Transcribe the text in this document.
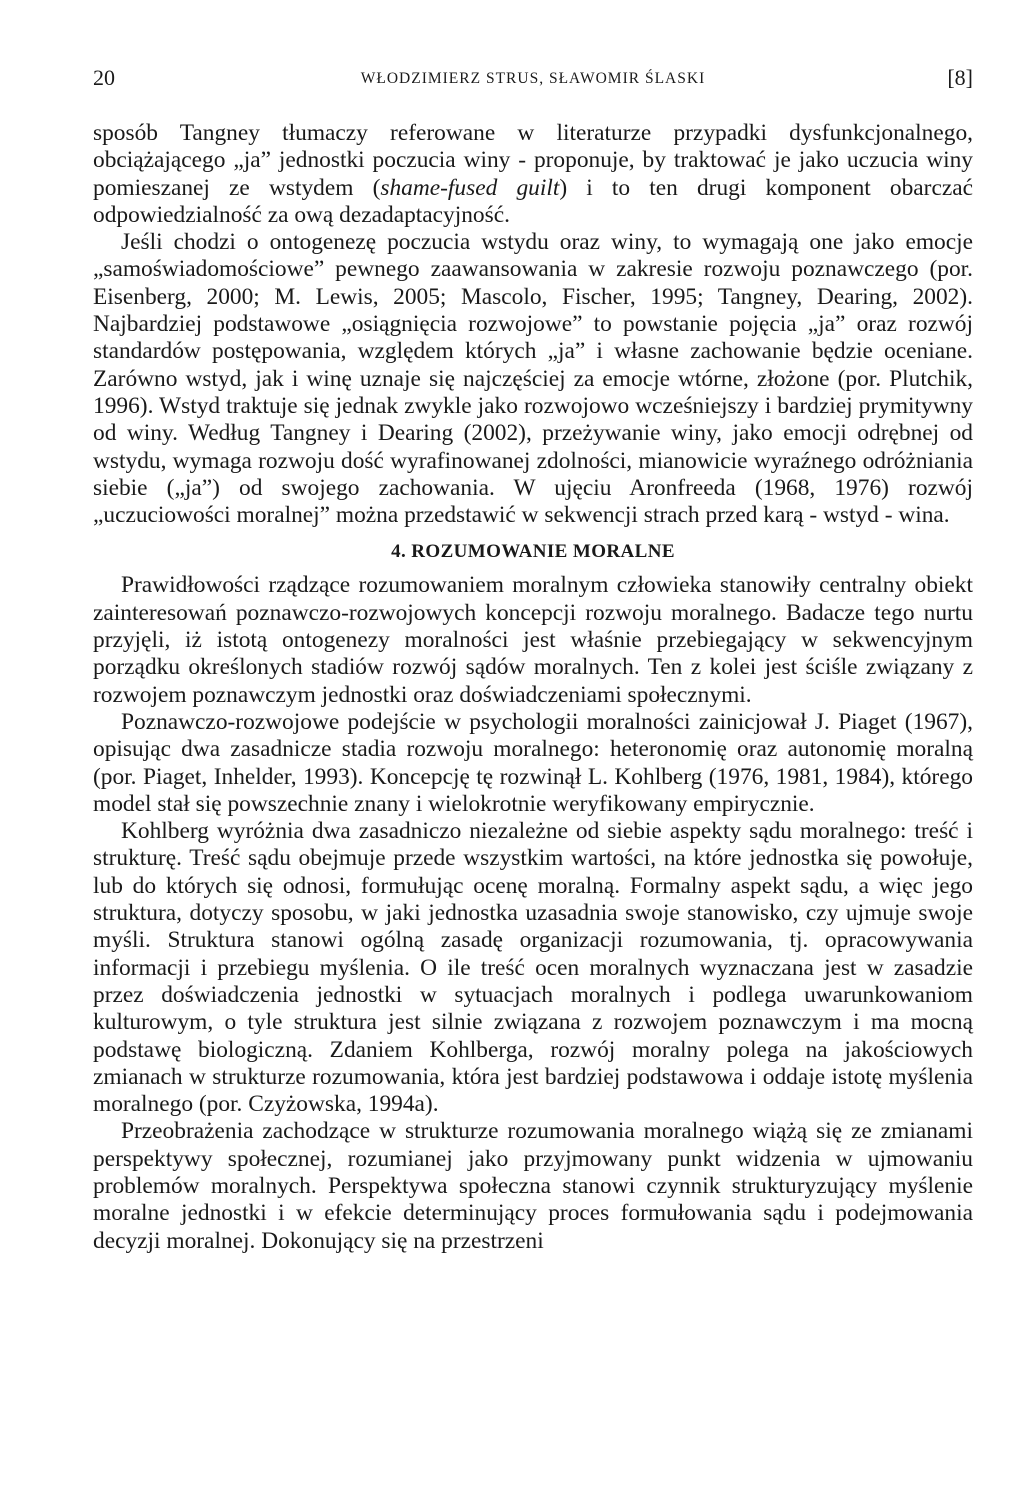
20	WŁODZIMIERZ STRUS, SŁAWOMIR ŚLASKI	[8]

sposób Tangney tłumaczy referowane w literaturze przypadki dysfunkcjonalnego, obciążającego „ja” jednostki poczucia winy - proponuje, by traktować je jako uczucia winy pomieszanej ze wstydem (shame-fused guilt) i to ten drugi komponent obarczać odpowiedzialność za ową dezadaptacyjność.

Jeśli chodzi o ontogenezę poczucia wstydu oraz winy, to wymagają one jako emocje „samoświadomościowe” pewnego zaawansowania w zakresie rozwoju poznawczego (por. Eisenberg, 2000; M. Lewis, 2005; Mascolo, Fischer, 1995; Tangney, Dearing, 2002). Najbardziej podstawowe „osiągnięcia rozwojowe” to powstanie pojęcia „ja” oraz rozwój standardów postępowania, względem których „ja” i własne zachowanie będzie oceniane. Zarówno wstyd, jak i winę uznaje się najczęściej za emocje wtórne, złożone (por. Plutchik, 1996). Wstyd traktuje się jednak zwykle jako rozwojowo wcześniejszy i bardziej prymitywny od winy. Według Tangney i Dearing (2002), przeżywanie winy, jako emocji odrębnej od wstydu, wymaga rozwoju dość wyrafinowanej zdolności, mianowicie wyraźnego odróżniania siebie („ja”) od swojego zachowania. W ujęciu Aronfreeda (1968, 1976) rozwój „uczuciowości moralnej” można przedstawić w sekwencji strach przed karą - wstyd - wina.

4. ROZUMOWANIE MORALNE

Prawidłowości rządzące rozumowaniem moralnym człowieka stanowiły centralny obiekt zainteresowań poznawczo-rozwojowych koncepcji rozwoju moralnego. Badacze tego nurtu przyjęli, iż istotą ontogenezy moralności jest właśnie przebiegający w sekwencyjnym porządku określonych stadiów rozwój sądów moralnych. Ten z kolei jest ściśle związany z rozwojem poznawczym jednostki oraz doświadczeniami społecznymi.

Poznawczo-rozwojowe podejście w psychologii moralności zainicjował J. Piaget (1967), opisując dwa zasadnicze stadia rozwoju moralnego: heteronomię oraz autonomię moralną (por. Piaget, Inhelder, 1993). Koncepcję tę rozwinął L. Kohlberg (1976, 1981, 1984), którego model stał się powszechnie znany i wielokrotnie weryfikowany empirycznie.

Kohlberg wyróżnia dwa zasadniczo niezależne od siebie aspekty sądu moralnego: treść i strukturę. Treść sądu obejmuje przede wszystkim wartości, na które jednostka się powołuje, lub do których się odnosi, formułując ocenę moralną. Formalny aspekt sądu, a więc jego struktura, dotyczy sposobu, w jaki jednostka uzasadnia swoje stanowisko, czy ujmuje swoje myśli. Struktura stanowi ogólną zasadę organizacji rozumowania, tj. opracowywania informacji i przebiegu myślenia. O ile treść ocen moralnych wyznaczana jest w zasadzie przez doświadczenia jednostki w sytuacjach moralnych i podlega uwarunkowaniom kulturowym, o tyle struktura jest silnie związana z rozwojem poznawczym i ma mocną podstawę biologiczną. Zdaniem Kohlberga, rozwój moralny polega na jakościowych zmianach w strukturze rozumowania, która jest bardziej podstawowa i oddaje istotę myślenia moralnego (por. Czyżowska, 1994a).

Przeobrażenia zachodzące w strukturze rozumowania moralnego wiążą się ze zmianami perspektywy społecznej, rozumianej jako przyjmowany punkt widzenia w ujmowaniu problemów moralnych. Perspektywa społeczna stanowi czynnik strukturyzujący myślenie moralne jednostki i w efekcie determinujący proces formułowania sądu i podejmowania decyzji moralnej. Dokonujący się na przestrzeni
